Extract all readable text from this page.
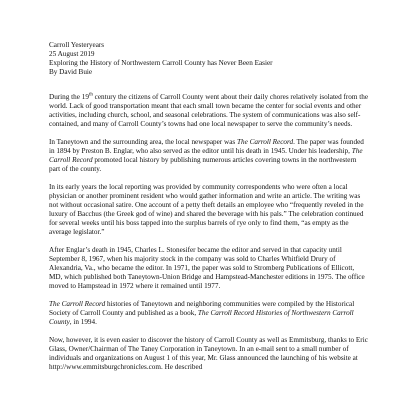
Carroll Yesteryears
25 August 2019
Exploring the History of Northwestern Carroll County has Never Been Easier
By David Buie

During the 19th century the citizens of Carroll County went about their daily chores relatively isolated from the world. Lack of good transportation meant that each small town became the center for social events and other activities, including church, school, and seasonal celebrations. The system of communications was also self-contained, and many of Carroll County’s towns had one local newspaper to serve the community’s needs.

In Taneytown and the surrounding area, the local newspaper was The Carroll Record. The paper was founded in 1894 by Preston B. Englar, who also served as the editor until his death in 1945. Under his leadership, The Carroll Record promoted local history by publishing numerous articles covering towns in the northwestern part of the county.

In its early years the local reporting was provided by community correspondents who were often a local physician or another prominent resident who would gather information and write an article. The writing was not without occasional satire. One account of a petty theft details an employee who “frequently reveled in the luxury of Bacchus (the Greek god of wine) and shared the beverage with his pals.” The celebration continued for several weeks until his boss tapped into the surplus barrels of rye only to find them, “as empty as the average legislator.”

After Englar’s death in 1945, Charles L. Stonesifer became the editor and served in that capacity until September 8, 1967, when his majority stock in the company was sold to Charles Whitfield Drury of Alexandria, Va., who became the editor. In 1971, the paper was sold to Stromberg Publications of Ellicott, MD, which published both Taneytown-Union Bridge and Hampstead-Manchester editions in 1975. The office moved to Hampstead in 1972 where it remained until 1977.

The Carroll Record histories of Taneytown and neighboring communities were compiled by the Historical Society of Carroll County and published as a book, The Carroll Record Histories of Northwestern Carroll County, in 1994.

Now, however, it is even easier to discover the history of Carroll County as well as Emmitsburg, thanks to Eric Glass, Owner/Chairman of The Taney Corporation in Taneytown. In an e-mail sent to a small number of individuals and organizations on August 1 of this year, Mr. Glass announced the launching of his website at http://www.emmitsburgchronicles.com. He described
